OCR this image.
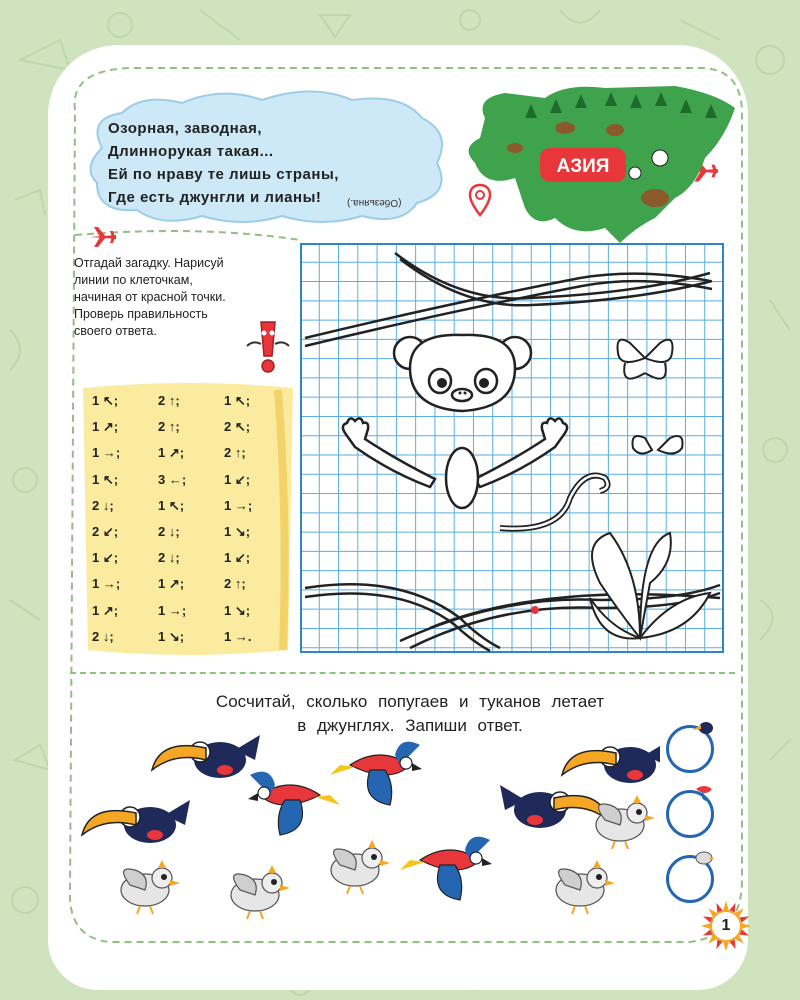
Озорная, заводная,
Длиннорукая такая...
Ей по нраву те лишь страны,
Где есть джунгли и лианы!	(Обезьяна.)
АЗИЯ
Отгадай загадку. Нарисуй
линии по клеточкам,
начиная от красной точки.
Проверь правильность
своего ответа.
1 ↖;	2 ↑;	1 ↖;
1 ↗;	2 ↑;	2 ↖;
1 →;	1 ↗;	2 ↑;
1 ↖;	3 ←;	1 ↙;
2 ↓;	1 ↖;	1 →;
2 ↙;	2 ↓;	1 ↘;
1 ↙;	2 ↓;	1 ↙;
1 →;	1 ↗;	2 ↑;
1 ↗;	1 →;	1 ↘;
2 ↓;	1 ↘;	1 →.
Сосчитай, сколько попугаев и туканов летает
в джунглях. Запиши ответ.
1
